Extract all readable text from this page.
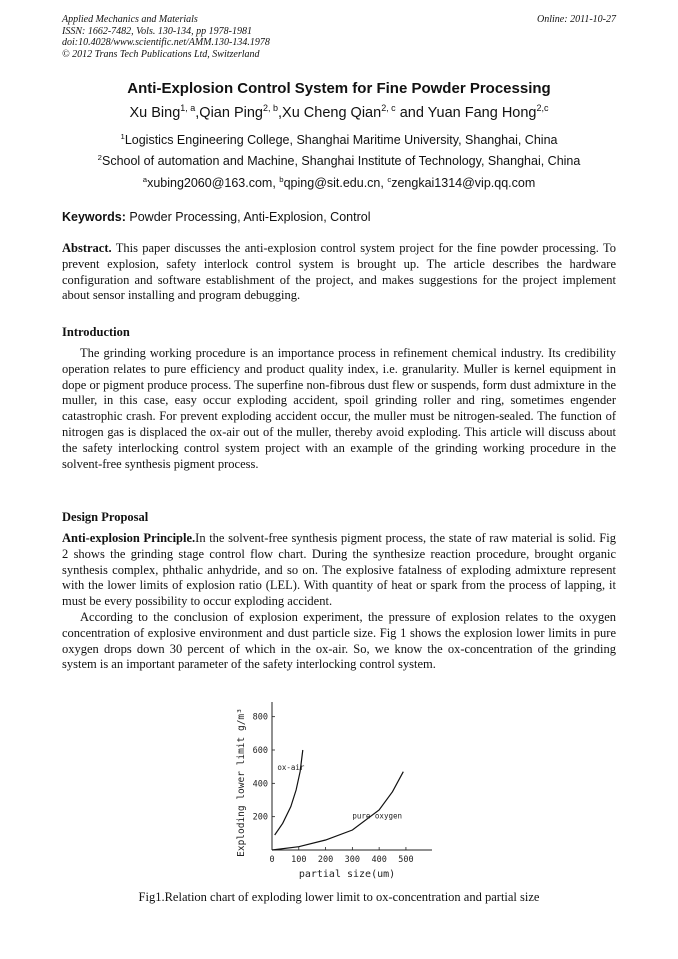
Applied Mechanics and Materials
ISSN: 1662-7482, Vols. 130-134, pp 1978-1981
doi:10.4028/www.scientific.net/AMM.130-134.1978
© 2012 Trans Tech Publications Ltd, Switzerland
Online: 2011-10-27
Anti-Explosion Control System for Fine Powder Processing
Xu Bing$^{1, a}$,Qian Ping$^{2, b}$,Xu Cheng Qian$^{2, c}$ and Yuan Fang Hong$^{2,c}$
$^1$Logistics Engineering College, Shanghai Maritime University, Shanghai, China
$^2$School of automation and Machine, Shanghai Institute of Technology, Shanghai, China
$^a$xubing2060@163.com, $^b$qping@sit.edu.cn, $^c$zengkai1314@vip.qq.com
Keywords: Powder Processing, Anti-Explosion, Control
Abstract. This paper discusses the anti-explosion control system project for the fine powder processing. To prevent explosion, safety interlock control system is brought up. The article describes the hardware configuration and software establishment of the project, and makes suggestions for the project implement about sensor installing and program debugging.
Introduction
The grinding working procedure is an importance process in refinement chemical industry. Its credibility operation relates to pure efficiency and product quality index, i.e. granularity. Muller is kernel equipment in dope or pigment produce process. The superfine non-fibrous dust flew or suspends, form dust admixture in the muller, in this case, easy occur exploding accident, spoil grinding roller and ring, sometimes engender catastrophic crash. For prevent exploding accident occur, the muller must be nitrogen-sealed. The function of nitrogen gas is displaced the ox-air out of the muller, thereby avoid exploding. This article will discuss about the safety interlocking control system project with an example of the grinding working procedure in the solvent-free synthesis pigment process.
Design Proposal
Anti-explosion Principle.In the solvent-free synthesis pigment process, the state of raw material is solid. Fig 2 shows the grinding stage control flow chart. During the synthesize reaction procedure, brought organic synthesis complex, phthalic anhydride, and so on. The explosive fatalness of exploding admixture represent with the lower limits of explosion ratio (LEL). With quantity of heat or spark from the process of lapping, it must be every possibility to occur exploding accident.
According to the conclusion of explosion experiment, the pressure of explosion relates to the oxygen concentration of explosive environment and dust particle size. Fig 1 shows the explosion lower limits in pure oxygen drops down 30 percent of which in the ox-air. So, we know the ox-concentration of the grinding system is an important parameter of the safety interlocking control system.
0 100 200 300 400 500
200
400
600
800
partial size(um)
Exploding lower limit g/m³	ox-air
pure oxygen
Fig1.Relation chart of exploding lower limit to ox-concentration and partial size
